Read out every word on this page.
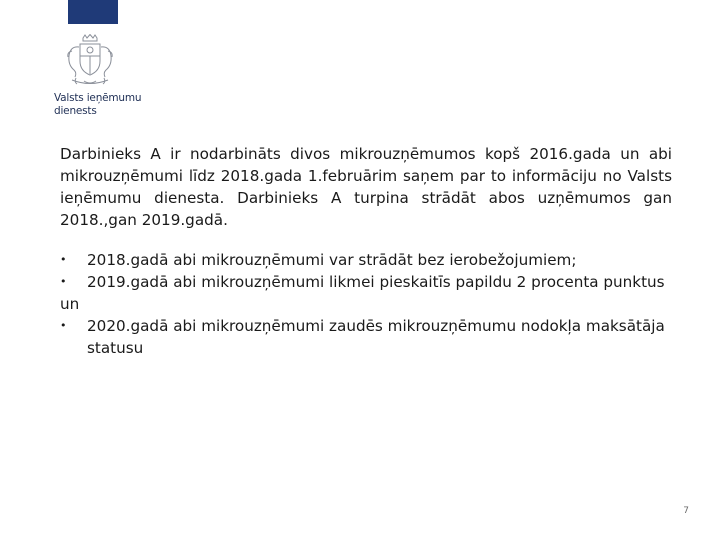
Valsts ieņēmumu
dienests

Darbinieks A ir nodarbināts divos mikrouzņēmumos kopš 2016.gada un abi mikrouzņēmumi līdz 2018.gada 1.februārim saņem par to informāciju no Valsts ieņēmumu dienesta. Darbinieks A turpina strādāt abos uzņēmumos gan 2018.,gan 2019.gadā.

• 2018.gadā abi mikrouzņēmumi var strādāt bez ierobežojumiem;
• 2019.gadā abi mikrouzņēmumi likmei pieskaitīs papildu 2 procenta punktus

un

• 2020.gadā abi mikrouzņēmumi zaudēs mikrouzņēmumu nodokļa maksātāja statusu
7
